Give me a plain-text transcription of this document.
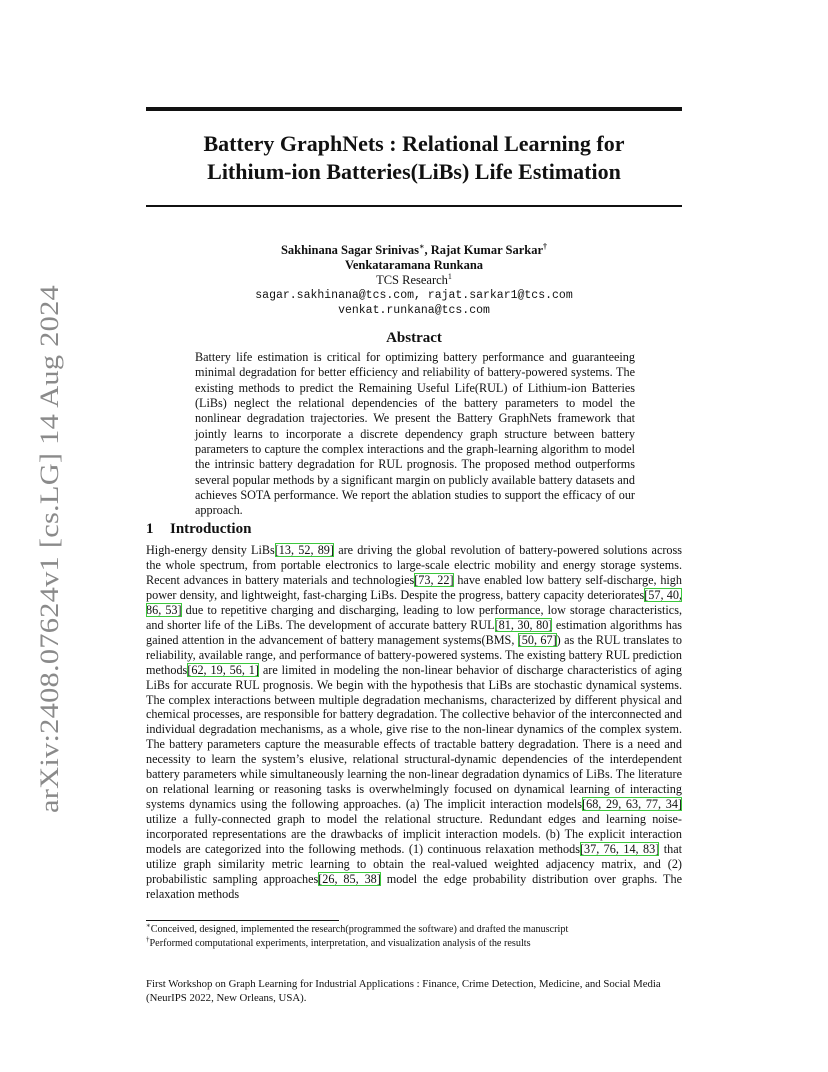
arXiv:2408.07624v1 [cs.LG] 14 Aug 2024
Battery GraphNets : Relational Learning for
Lithium-ion Batteries(LiBs) Life Estimation
Sakhinana Sagar Srinivas∗, Rajat Kumar Sarkar†
Venkataramana Runkana
TCS Research$^1$
sagar.sakhinana@tcs.com, rajat.sarkar1@tcs.com
venkat.runkana@tcs.com
Abstract

Battery life estimation is critical for optimizing battery performance and guaranteeing minimal degradation for better efficiency and reliability of battery-powered systems. The existing methods to predict the Remaining Useful Life(RUL) of Lithium-ion Batteries (LiBs) neglect the relational dependencies of the battery parameters to model the nonlinear degradation trajectories. We present the Battery GraphNets framework that jointly learns to incorporate a discrete dependency graph structure between battery parameters to capture the complex interactions and the graph-learning algorithm to model the intrinsic battery degradation for RUL prognosis. The proposed method outperforms several popular methods by a significant margin on publicly available battery datasets and achieves SOTA performance. We report the ablation studies to support the efficacy of our approach.

1 Introduction

High-energy density LiBs[13, 52, 89] are driving the global revolution of battery-powered solutions across the whole spectrum, from portable electronics to large-scale electric mobility and energy storage systems. Recent advances in battery materials and technologies[73, 22] have enabled low battery self-discharge, high power density, and lightweight, fast-charging LiBs. Despite the progress, battery capacity deteriorates[57, 40, 86, 53] due to repetitive charging and discharging, leading to low performance, low storage characteristics, and shorter life of the LiBs. The development of accurate battery RUL[81, 30, 80] estimation algorithms has gained attention in the advancement of battery management systems(BMS, [50, 67]) as the RUL translates to reliability, available range, and performance of battery-powered systems. The existing battery RUL prediction methods[62, 19, 56, 1] are limited in modeling the non-linear behavior of discharge characteristics of aging LiBs for accurate RUL prognosis. We begin with the hypothesis that LiBs are stochastic dynamical systems. The complex interactions between multiple degradation mechanisms, characterized by different physical and chemical processes, are responsible for battery degradation. The collective behavior of the interconnected and individual degradation mechanisms, as a whole, give rise to the non-linear dynamics of the complex system. The battery parameters capture the measurable effects of tractable battery degradation. There is a need and necessity to learn the system’s elusive, relational structural-dynamic dependencies of the interdependent battery parameters while simultaneously learning the non-linear degradation dynamics of LiBs. The literature on relational learning or reasoning tasks is overwhelmingly focused on dynamical learning of interacting systems dynamics using the following approaches. (a) The implicit interaction models[68, 29, 63, 77, 34] utilize a fully-connected graph to model the relational structure. Redundant edges and learning noise-incorporated representations are the drawbacks of implicit interaction models. (b) The explicit interaction models are categorized into the following methods. (1) continuous relaxation methods[37, 76, 14, 83] that utilize graph similarity metric learning to obtain the real-valued weighted adjacency matrix, and (2) probabilistic sampling approaches[26, 85, 38] model the edge probability distribution over graphs. The relaxation methods

∗Conceived, designed, implemented the research(programmed the software) and drafted the manuscript
†Performed computational experiments, interpretation, and visualization analysis of the results
First Workshop on Graph Learning for Industrial Applications : Finance, Crime Detection, Medicine, and Social Media (NeurIPS 2022, New Orleans, USA).
